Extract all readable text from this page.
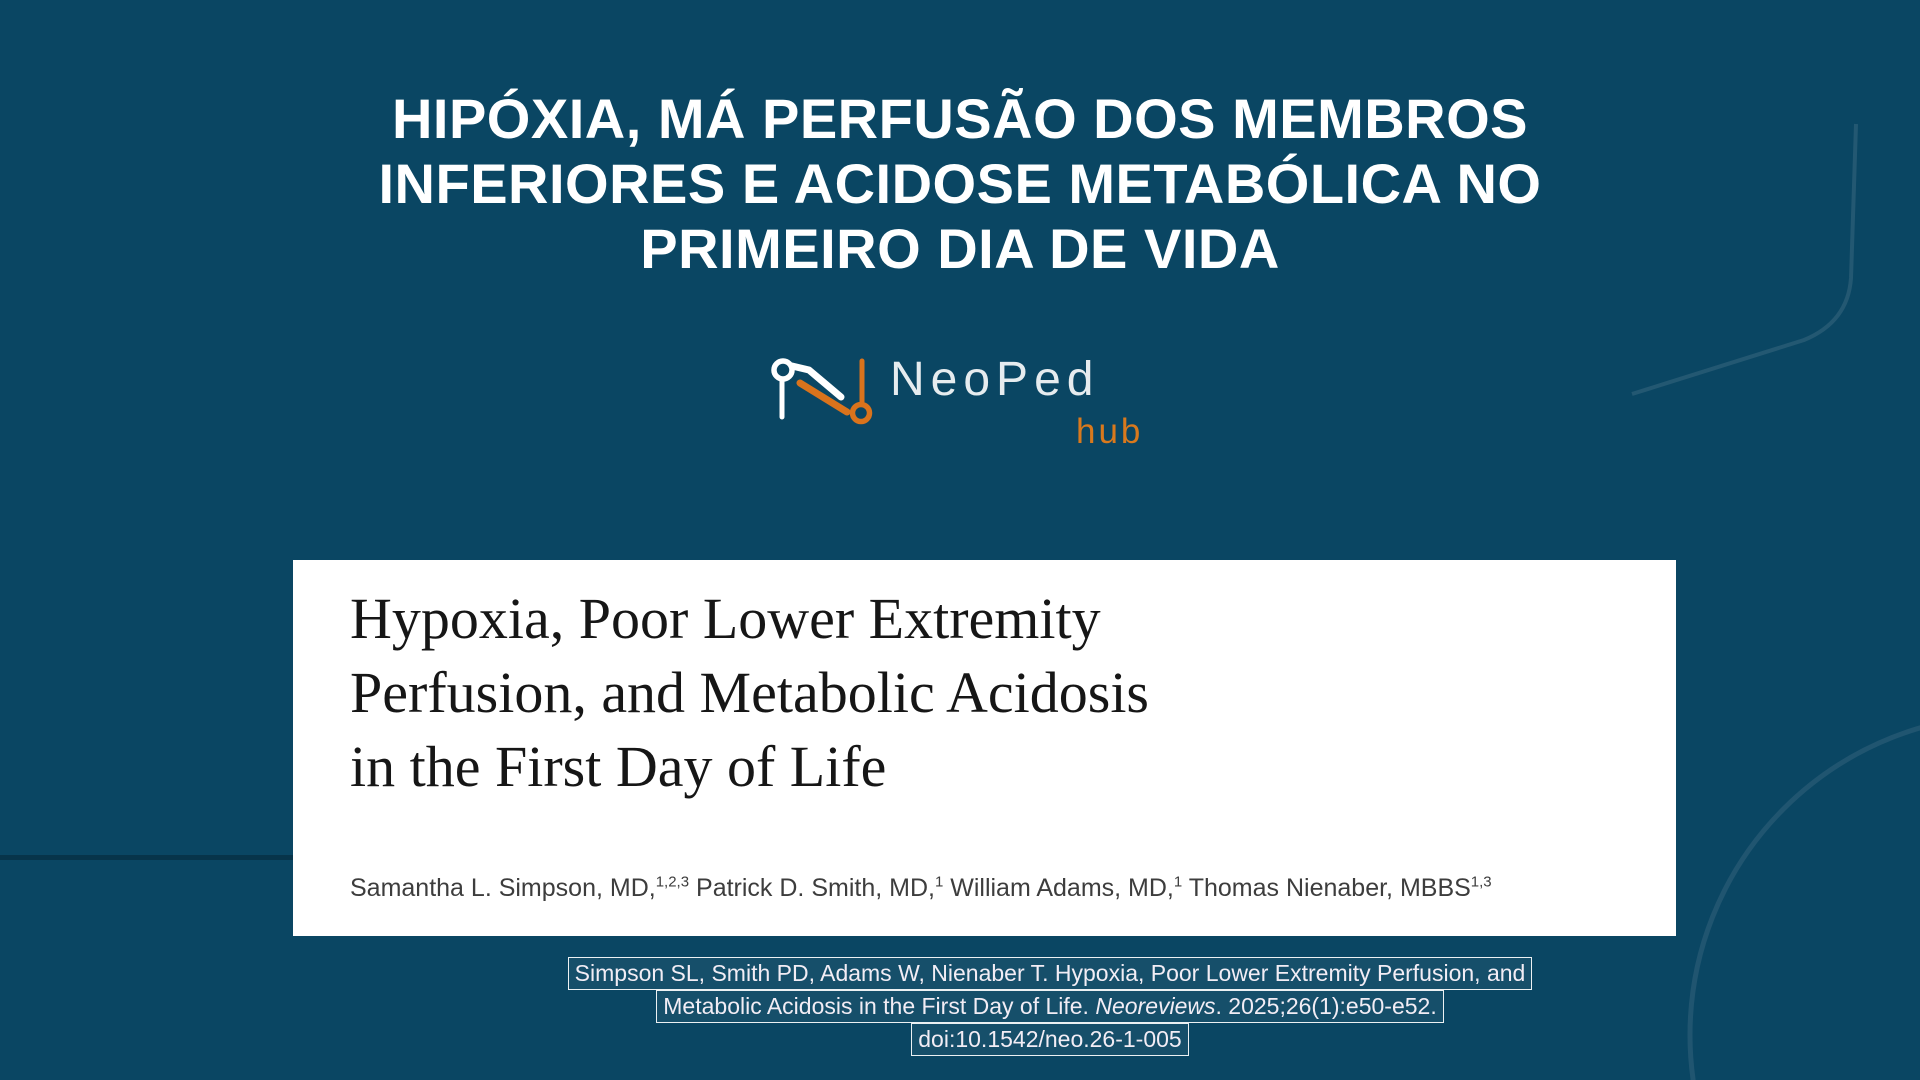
HIPÓXIA, MÁ PERFUSÃO DOS MEMBROS
INFERIORES E ACIDOSE METABÓLICA NO
PRIMEIRO DIA DE VIDA
NeoPed
hub
Hypoxia, Poor Lower Extremity
Perfusion, and Metabolic Acidosis
in the First Day of Life
Samantha L. Simpson, MD,$^{1,2,3}$ Patrick D. Smith, MD,$^1$ William Adams, MD,$^1$ Thomas Nienaber, MBBS$^{1,3}$
Simpson SL, Smith PD, Adams W, Nienaber T. Hypoxia, Poor Lower Extremity Perfusion, and
Metabolic Acidosis in the First Day of Life. Neoreviews. 2025;26(1):e50-e52.
doi:10.1542/neo.26-1-005
